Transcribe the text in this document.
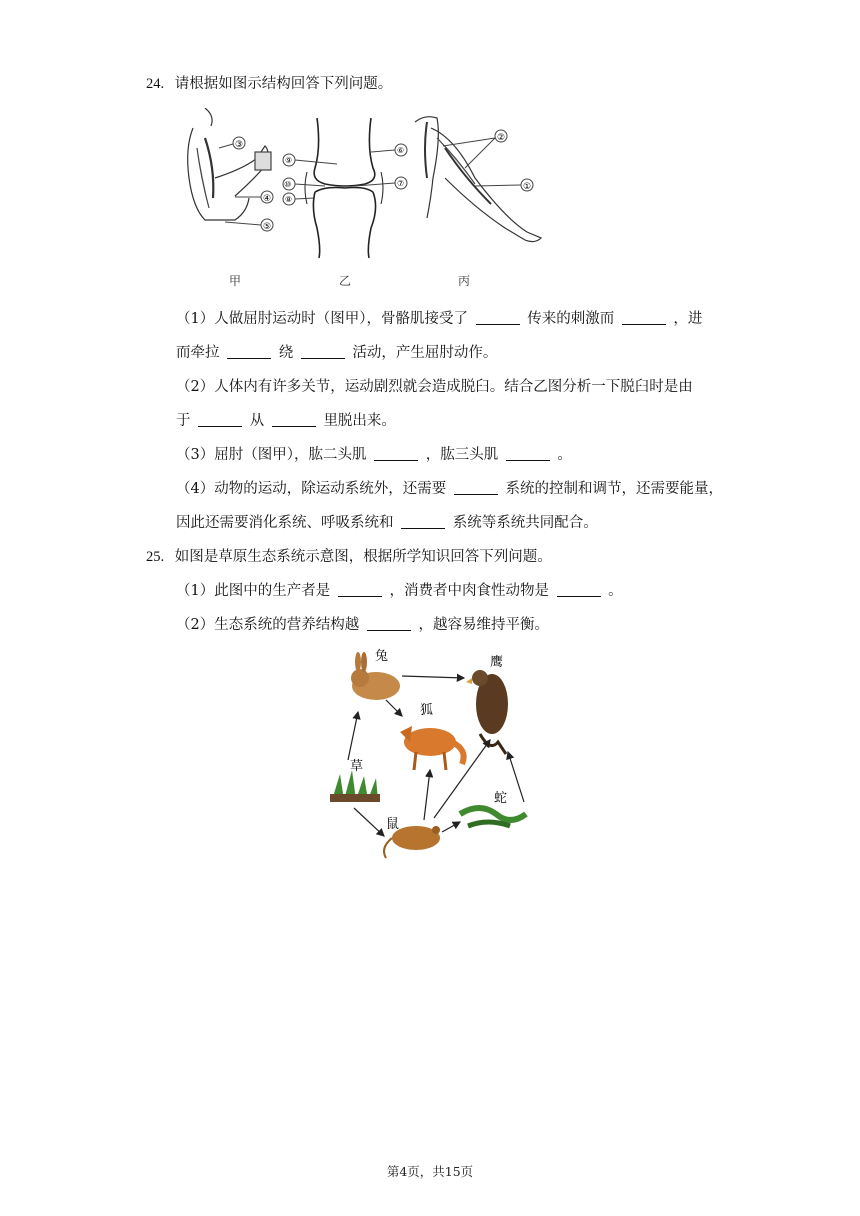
24. 请根据如图示结构回答下列问题。
③
④
⑤
⑨
⑩
⑧
⑥
⑦
②
①
甲	乙	丙
（1）人做屈肘运动时（图甲），骨骼肌接受了	传来的刺激而	，进
而牵拉	绕	活动，产生屈肘动作。
（2）人体内有许多关节，运动剧烈就会造成脱臼。结合乙图分析一下脱臼时是由
于	从	里脱出来。
（3）屈肘（图甲），肱二头肌	，肱三头肌	。
（4）动物的运动，除运动系统外，还需要	系统的控制和调节，还需要能量，
因此还需要消化系统、呼吸系统和	系统等系统共同配合。
25. 如图是草原生态系统示意图，根据所学知识回答下列问题。
（1）此图中的生产者是	，消费者中肉食性动物是	。
（2）生态系统的营养结构越	，越容易维持平衡。
兔	鹰
狐
草
蛇
鼠
第4页，共15页
